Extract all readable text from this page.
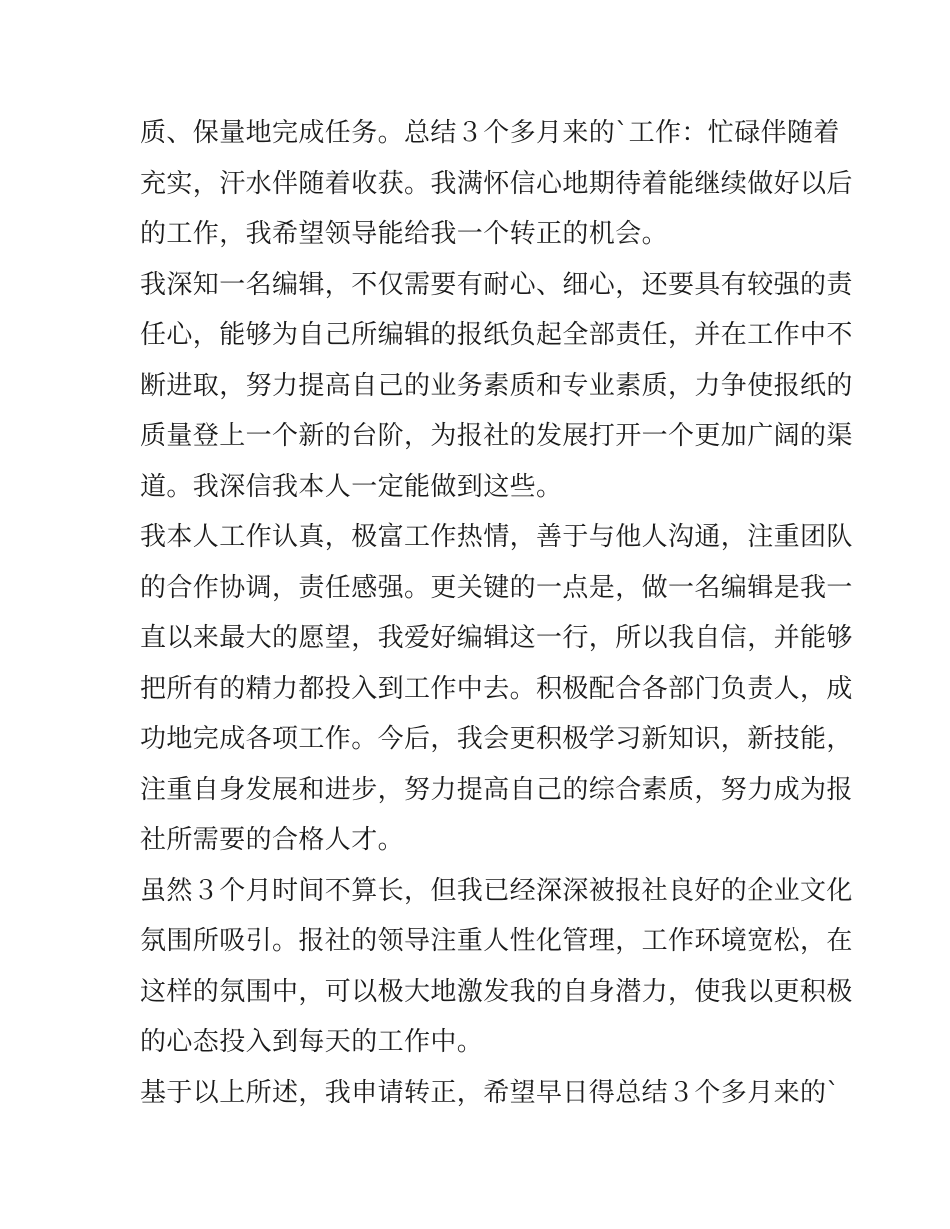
质、保量地完成任务。总结３个多月来的`工作：忙碌伴随着
充实，汗水伴随着收获。我满怀信心地期待着能继续做好以后
的工作，我希望领导能给我一个转正的机会。
我深知一名编辑，不仅需要有耐心、细心，还要具有较强的责
任心，能够为自己所编辑的报纸负起全部责任，并在工作中不
断进取，努力提高自己的业务素质和专业素质，力争使报纸的
质量登上一个新的台阶，为报社的发展打开一个更加广阔的渠
道。我深信我本人一定能做到这些。
我本人工作认真，极富工作热情，善于与他人沟通，注重团队
的合作协调，责任感强。更关键的一点是，做一名编辑是我一
直以来最大的愿望，我爱好编辑这一行，所以我自信，并能够
把所有的精力都投入到工作中去。积极配合各部门负责人，成
功地完成各项工作。今后，我会更积极学习新知识，新技能，
注重自身发展和进步，努力提高自己的综合素质，努力成为报
社所需要的合格人才。
虽然３个月时间不算长，但我已经深深被报社良好的企业文化
氛围所吸引。报社的领导注重人性化管理，工作环境宽松，在
这样的氛围中，可以极大地激发我的自身潜力，使我以更积极
的心态投入到每天的工作中。
基于以上所述，我申请转正，希望早日得总结３个多月来的`
